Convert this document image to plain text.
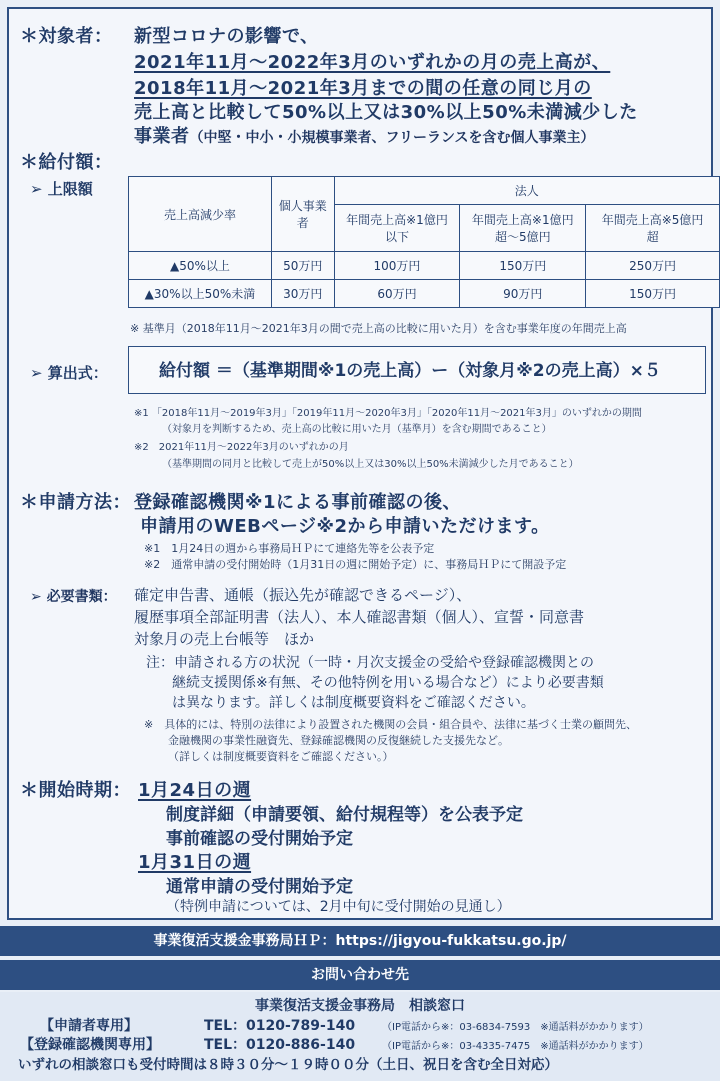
＊対象者： 新型コロナの影響で、
2021年11月～2022年3月のいずれかの月の売上高が、
2018年11月～2021年3月までの間の任意の同じ月の
売上高と比較して50%以上又は30%以上50%未満減少した
事業者（中堅・中小・小規模事業者、フリーランスを含む個人事業主）
＊給付額：
➢ 上限額
売上高減少率	個人事業者	法人		
		年間売上高※1億円以下	年間売上高※1億円超～5億円	年間売上高※5億円超
▲50%以上	50万円	100万円	150万円	250万円
▲30%以上50%未満	30万円	60万円	90万円	150万円
※ 基準月（2018年11月～2021年3月の間で売上高の比較に用いた月）を含む事業年度の年間売上高
➢ 算出式：	給付額 ＝（基準期間※1の売上高）ー（対象月※2の売上高）×５
※1 「2018年11月～2019年3月」「2019年11月～2020年3月」「2020年11月～2021年3月」のいずれかの期間
（対象月を判断するため、売上高の比較に用いた月（基準月）を含む期間であること）
※2　2021年11月～2022年3月のいずれかの月
（基準期間の同月と比較して売上が50%以上又は30%以上50%未満減少した月であること）
＊申請方法： 登録確認機関※1による事前確認の後、
申請用のWEBページ※2から申請いただけます。
※1　1月24日の週から事務局ＨＰにて連絡先等を公表予定
※2　通常申請の受付開始時（1月31日の週に開始予定）に、事務局ＨＰにて開設予定
➢ 必要書類： 確定申告書、通帳（振込先が確認できるページ）、
履歴事項全部証明書（法人）、本人確認書類（個人）、宣誓・同意書
対象月の売上台帳等　ほか
注：申請される方の状況（一時・月次支援金の受給や登録確認機関との
継続支援関係※有無、その他特例を用いる場合など）により必要書類
は異なります。詳しくは制度概要資料をご確認ください。
※　具体的には、特別の法律により設置された機関の会員・組合員や、法律に基づく士業の顧問先、
金融機関の事業性融資先、登録確認機関の反復継続した支援先など。
（詳しくは制度概要資料をご確認ください。）
＊開始時期： 1月24日の週
制度詳細（申請要領、給付規程等）を公表予定
事前確認の受付開始予定
1月31日の週
通常申請の受付開始予定
（特例申請については、2月中旬に受付開始の見通し）
事業復活支援金事務局ＨＰ：https://jigyou-fukkatsu.go.jp/
お問い合わせ先
事業復活支援金事務局　相談窓口
【申請者専用】	TEL：0120-789-140	（IP電話から※：03-6834-7593　※通話料がかかります）
【登録確認機関専用】	TEL：0120-886-140	（IP電話から※：03-4335-7475　※通話料がかかります）
いずれの相談窓口も受付時間は８時３０分～１９時００分（土日、祝日を含む全日対応）
